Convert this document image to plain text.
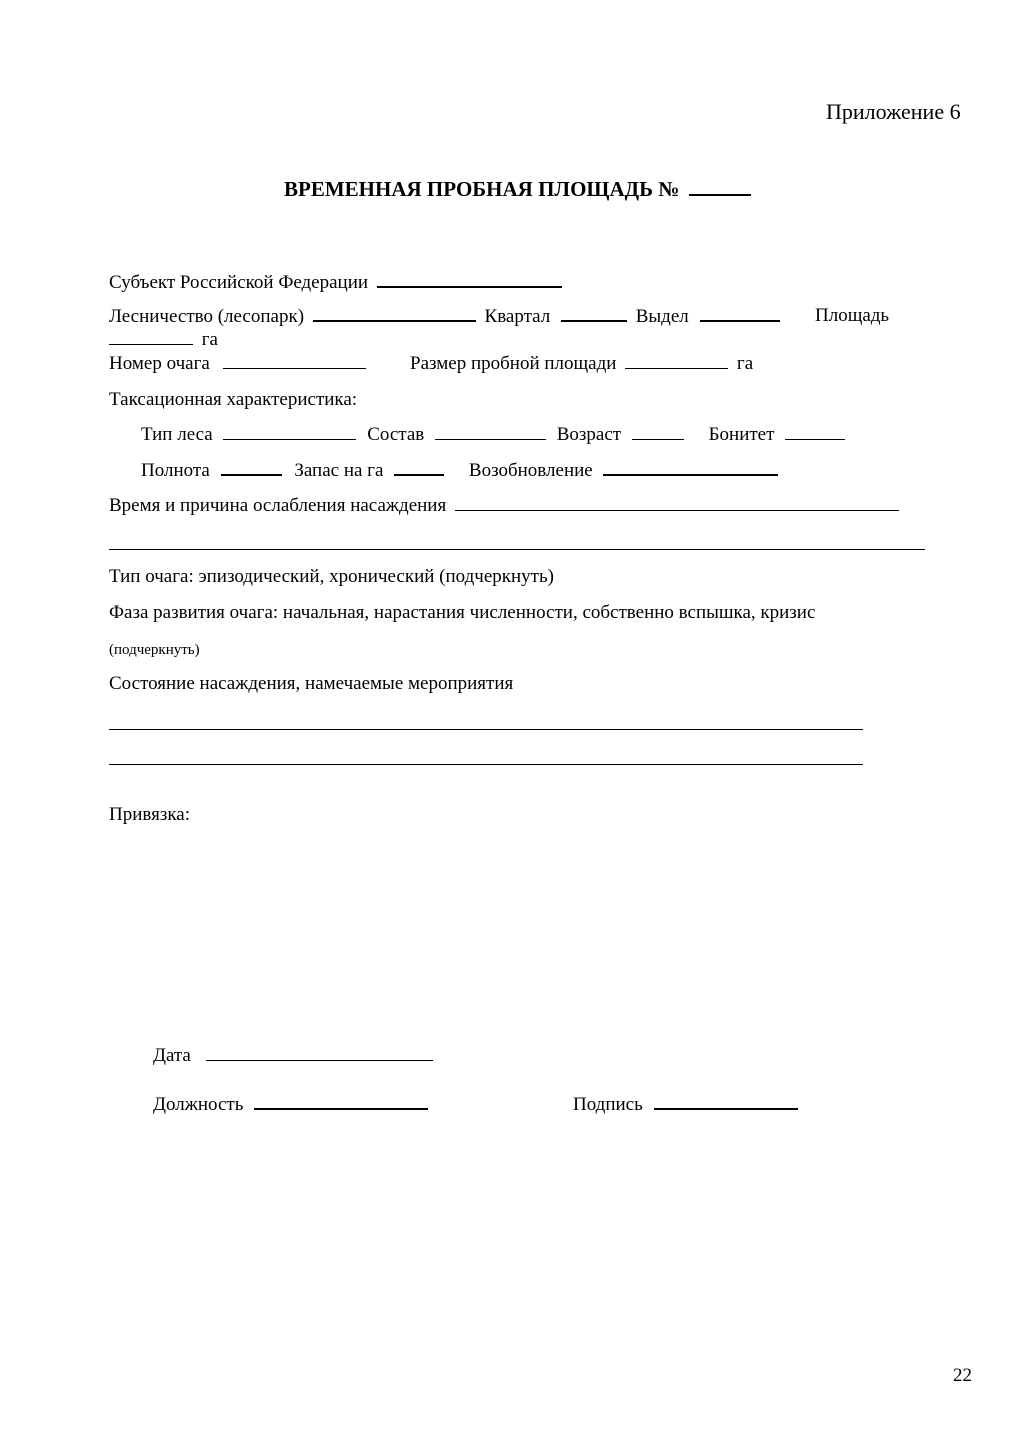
Приложение 6
ВРЕМЕННАЯ ПРОБНАЯ ПЛОЩАДЬ №
Субъект Российской Федерации
Лесничество (лесопарк)	Квартал	Выдел	Площадь
га
Номер очага	Размер пробной площади	га
Таксационная характеристика:
Тип леса	Состав	Возраст	Бонитет
Полнота	Запас на га	Возобновление
Время и причина ослабления насаждения
Тип очага: эпизодический, хронический (подчеркнуть)
Фаза развития очага: начальная, нарастания численности, собственно вспышка, кризис
(подчеркнуть)
Состояние насаждения, намечаемые мероприятия
Привязка:
Дата
Должность	Подпись
22
